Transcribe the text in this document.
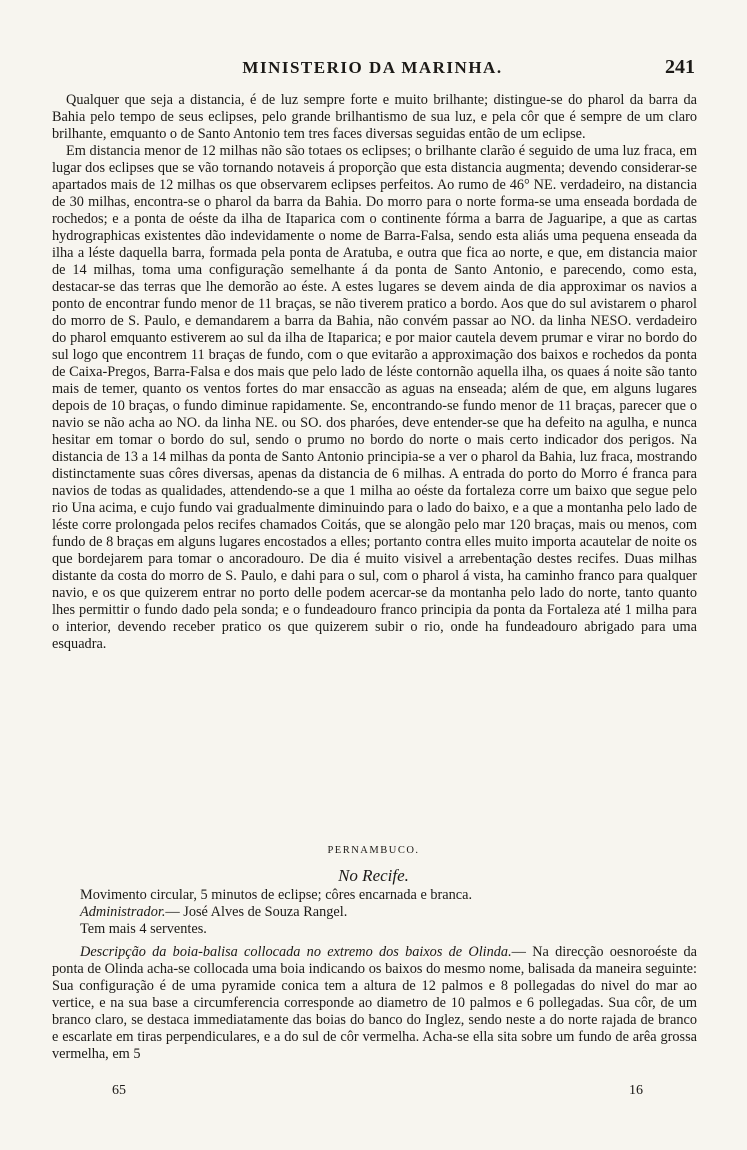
MINISTERIO DA MARINHA.	241

Qualquer que seja a distancia, é de luz sempre forte e muito brilhante; distingue-se do pharol da barra da Bahia pelo tempo de seus eclipses, pelo grande brilhantismo de sua luz, e pela côr que é sempre de um claro brilhante, emquanto o de Santo Antonio tem tres faces diversas seguidas então de um eclipse.

Em distancia menor de 12 milhas não são totaes os eclipses; o brilhante clarão é seguido de uma luz fraca, em lugar dos eclipses que se vão tornando notaveis á proporção que esta distancia augmenta; devendo considerar-se apartados mais de 12 milhas os que observarem eclipses perfeitos. Ao rumo de 46° NE. verdadeiro, na distancia de 30 milhas, encontra-se o pharol da barra da Bahia. Do morro para o norte forma-se uma enseada bordada de rochedos; e a ponta de oéste da ilha de Itaparica com o continente fórma a barra de Jaguaripe, a que as cartas hydrographicas existentes dão indevidamente o nome de Barra-Falsa, sendo esta aliás uma pequena enseada da ilha a léste daquella barra, formada pela ponta de Aratuba, e outra que fica ao norte, e que, em distancia maior de 14 milhas, toma uma configuração semelhante á da ponta de Santo Antonio, e parecendo, como esta, destacar-se das terras que lhe demorão ao éste. A estes lugares se devem ainda de dia approximar os navios a ponto de encontrar fundo menor de 11 braças, se não tiverem pratico a bordo. Aos que do sul avistarem o pharol do morro de S. Paulo, e demandarem a barra da Bahia, não convém passar ao NO. da linha NESO. verdadeiro do pharol emquanto estiverem ao sul da ilha de Itaparica; e por maior cautela devem prumar e virar no bordo do sul logo que encontrem 11 braças de fundo, com o que evitarão a approximação dos baixos e rochedos da ponta de Caixa-Pregos, Barra-Falsa e dos mais que pelo lado de léste contornão aquella ilha, os quaes á noite são tanto mais de temer, quanto os ventos fortes do mar ensaccão as aguas na enseada; além de que, em alguns lugares depois de 10 braças, o fundo diminue rapidamente. Se, encontrando-se fundo menor de 11 braças, parecer que o navio se não acha ao NO. da linha NE. ou SO. dos pharóes, deve entender-se que ha defeito na agulha, e nunca hesitar em tomar o bordo do sul, sendo o prumo no bordo do norte o mais certo indicador dos perigos. Na distancia de 13 a 14 milhas da ponta de Santo Antonio principia-se a ver o pharol da Bahia, luz fraca, mostrando distinctamente suas côres diversas, apenas da distancia de 6 milhas. A entrada do porto do Morro é franca para navios de todas as qualidades, attendendo-se a que 1 milha ao oéste da fortaleza corre um baixo que segue pelo rio Una acima, e cujo fundo vai gradualmente diminuindo para o lado do baixo, e a que a montanha pelo lado de léste corre prolongada pelos recifes chamados Coitás, que se alongão pelo mar 120 braças, mais ou menos, com fundo de 8 braças em alguns lugares encostados a elles; portanto contra elles muito importa acautelar de noite os que bordejarem para tomar o ancoradouro. De dia é muito visivel a arrebentação destes recifes. Duas milhas distante da costa do morro de S. Paulo, e dahi para o sul, com o pharol á vista, ha caminho franco para qualquer navio, e os que quizerem entrar no porto delle podem acercar-se da montanha pelo lado do norte, tanto quanto lhes permittir o fundo dado pela sonda; e o fundeadouro franco principia da ponta da Fortaleza até 1 milha para o interior, devendo receber pratico os que quizerem subir o rio, onde ha fundeadouro abrigado para uma esquadra.

PERNAMBUCO.
No Recife.
Movimento circular, 5 minutos de eclipse; côres encarnada e branca.
Administrador.— José Alves de Souza Rangel.
Tem mais 4 serventes.

Descripção da boia-balisa collocada no extremo dos baixos de Olinda.— Na direcção oesnoroéste da ponta de Olinda acha-se collocada uma boia indicando os baixos do mesmo nome, balisada da maneira seguinte: Sua configuração é de uma pyramide conica tem a altura de 12 palmos e 8 pollegadas do nivel do mar ao vertice, e na sua base a circumferencia corresponde ao diametro de 10 palmos e 6 pollegadas. Sua côr, de um branco claro, se destaca immediatamente das boias do banco do Inglez, sendo neste a do norte rajada de branco e escarlate em tiras perpendiculares, e a do sul de côr vermelha. Acha-se ella sita sobre um fundo de arêa grossa vermelha, em 5

65	16
